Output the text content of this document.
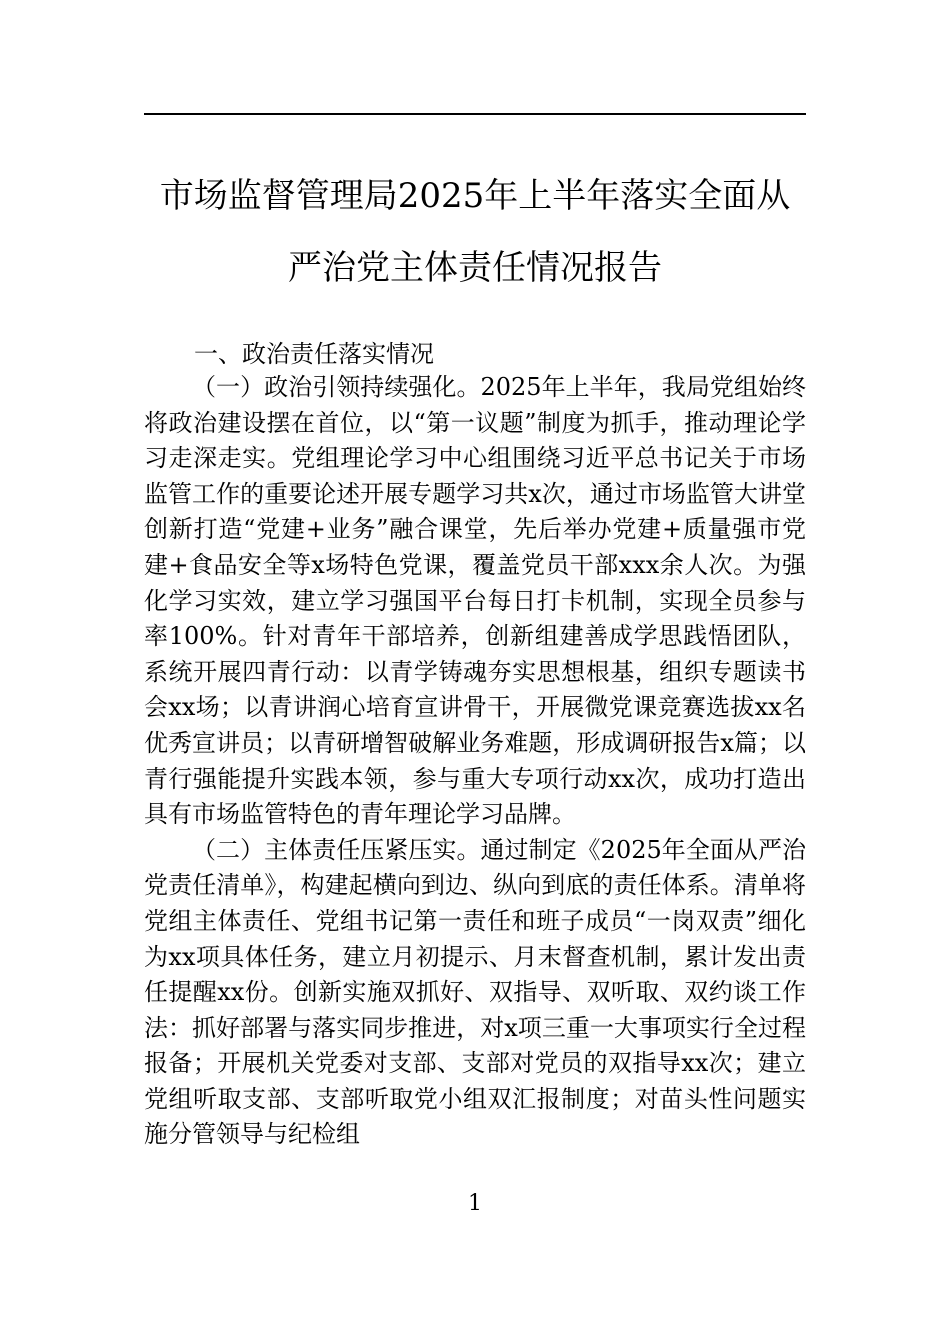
市场监督管理局2025年上半年落实全面从严治党主体责任情况报告
一、政治责任落实情况

（一）政治引领持续强化。2025年上半年，我局党组始终将政治建设摆在首位，以“第一议题”制度为抓手，推动理论学习走深走实。党组理论学习中心组围绕习近平总书记关于市场监管工作的重要论述开展专题学习共x次，通过市场监管大讲堂创新打造“党建+业务”融合课堂，先后举办党建+质量强市党建+食品安全等x场特色党课，覆盖党员干部xxx余人次。为强化学习实效，建立学习强国平台每日打卡机制，实现全员参与率100%。针对青年干部培养，创新组建善成学思践悟团队，系统开展四青行动：以青学铸魂夯实思想根基，组织专题读书会xx场；以青讲润心培育宣讲骨干，开展微党课竞赛选拔xx名优秀宣讲员；以青研增智破解业务难题，形成调研报告x篇；以青行强能提升实践本领，参与重大专项行动xx次，成功打造出具有市场监管特色的青年理论学习品牌。

（二）主体责任压紧压实。通过制定《2025年全面从严治党责任清单》，构建起横向到边、纵向到底的责任体系。清单将党组主体责任、党组书记第一责任和班子成员“一岗双责”细化为xx项具体任务，建立月初提示、月末督查机制，累计发出责任提醒xx份。创新实施双抓好、双指导、双听取、双约谈工作法：抓好部署与落实同步推进，对x项三重一大事项实行全过程报备；开展机关党委对支部、支部对党员的双指导xx次；建立党组听取支部、支部听取党小组双汇报制度；对苗头性问题实施分管领导与纪检组

1
